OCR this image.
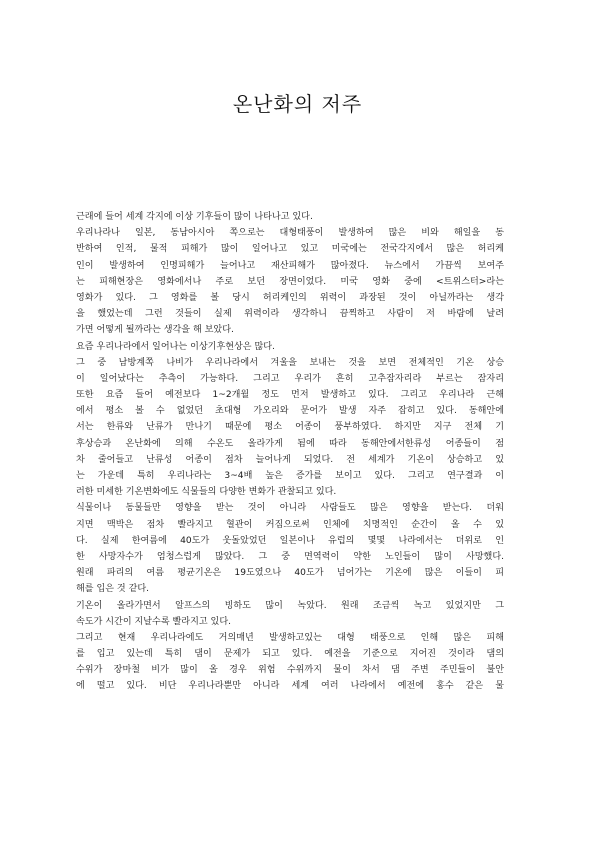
온난화의 저주
근래에 들어 세계 각지에 이상 기후들이 많이 나타나고 있다.
우리나라나 일본, 동남아시아 쪽으로는 대형태풍이 발생하여 많은 비와 해일을 동
반하여 인적, 물적 피해가 많이 일어나고 있고 미국에는 전국각지에서 많은 허리케
인이 발생하여 인명피해가 늘어나고 재산피해가 많아졌다. 뉴스에서 가끔씩 보여주
는 피해현장은 영화에서나 주로 보던 장면이었다. 미국 영화 중에 <트위스터>라는
영화가 있다. 그 영화를 볼 당시 허리케인의 위력이 과장된 것이 아닐까라는 생각
을 했었는데 그런 것들이 실제 위력이라 생각하니 끔찍하고 사람이 저 바람에 날려
가면 어떻게 될까라는 생각을 해 보았다.
요즘 우리나라에서 일어나는 이상기후현상은 많다.
그 중 남방계쪽 나비가 우리나라에서 겨울을 보내는 것을 보면 전체적인 기온 상승
이 일어났다는 추측이 가능하다. 그리고 우리가 흔히 고추잠자리라 부르는 잠자리
또한 요즘 들어 예전보다 1~2개월 정도 먼저 발생하고 있다. 그리고 우리나라 근해
에서 평소 볼 수 없었던 초대형 가오리와 문어가 발생 자주 잡히고 있다. 동해안에
서는 한류와 난류가 만나기 때문에 평소 어종이 풍부하였다. 하지만 지구 전체 기
후상승과 온난화에 의해 수온도 올라가게 됨에 따라 동해안에서한류성 어종들이 점
차 줄어들고 난류성 어종이 점차 늘어나게 되었다. 전 세계가 기온이 상승하고 있
는 가운데 특히 우리나라는 3~4배 높은 증가를 보이고 있다. 그리고 연구결과 이
러한 미세한 기온변화에도 식물들의 다양한 변화가 관찰되고 있다.
식물이나 동물들만 영향을 받는 것이 아니라 사람들도 많은 영향을 받는다. 더워
지면 맥박은 점차 빨라지고 혈관이 커짐으로써 인체에 치명적인 순간이 올 수 있
다. 실제 한여름에 40도가 웃돌았었던 일본이나 유럽의 몇몇 나라에서는 더위로 인
한 사망자수가 엄청스럽게 많았다. 그 중 면역력이 약한 노인들이 많이 사망했다.
원래 파리의 여름 평균기온은 19도였으나 40도가 넘어가는 기온에 많은 이들이 피
해를 입은 것 같다.
기온이 올라가면서 알프스의 빙하도 많이 녹았다. 원래 조금씩 녹고 있었지만 그
속도가 시간이 지날수록 빨라지고 있다.
그리고 현재 우리나라에도 거의매년 발생하고있는 대형 태풍으로 인해 많은 피해
를 입고 있는데 특히 댐이 문제가 되고 있다. 예전을 기준으로 지어진 것이라 댐의
수위가 장마철 비가 많이 올 경우 위험 수위까지 물이 차서 댐 주변 주민들이 불안
에 떨고 있다. 비단 우리나라뿐만 아니라 세계 여러 나라에서 예전에 홍수 같은 물
